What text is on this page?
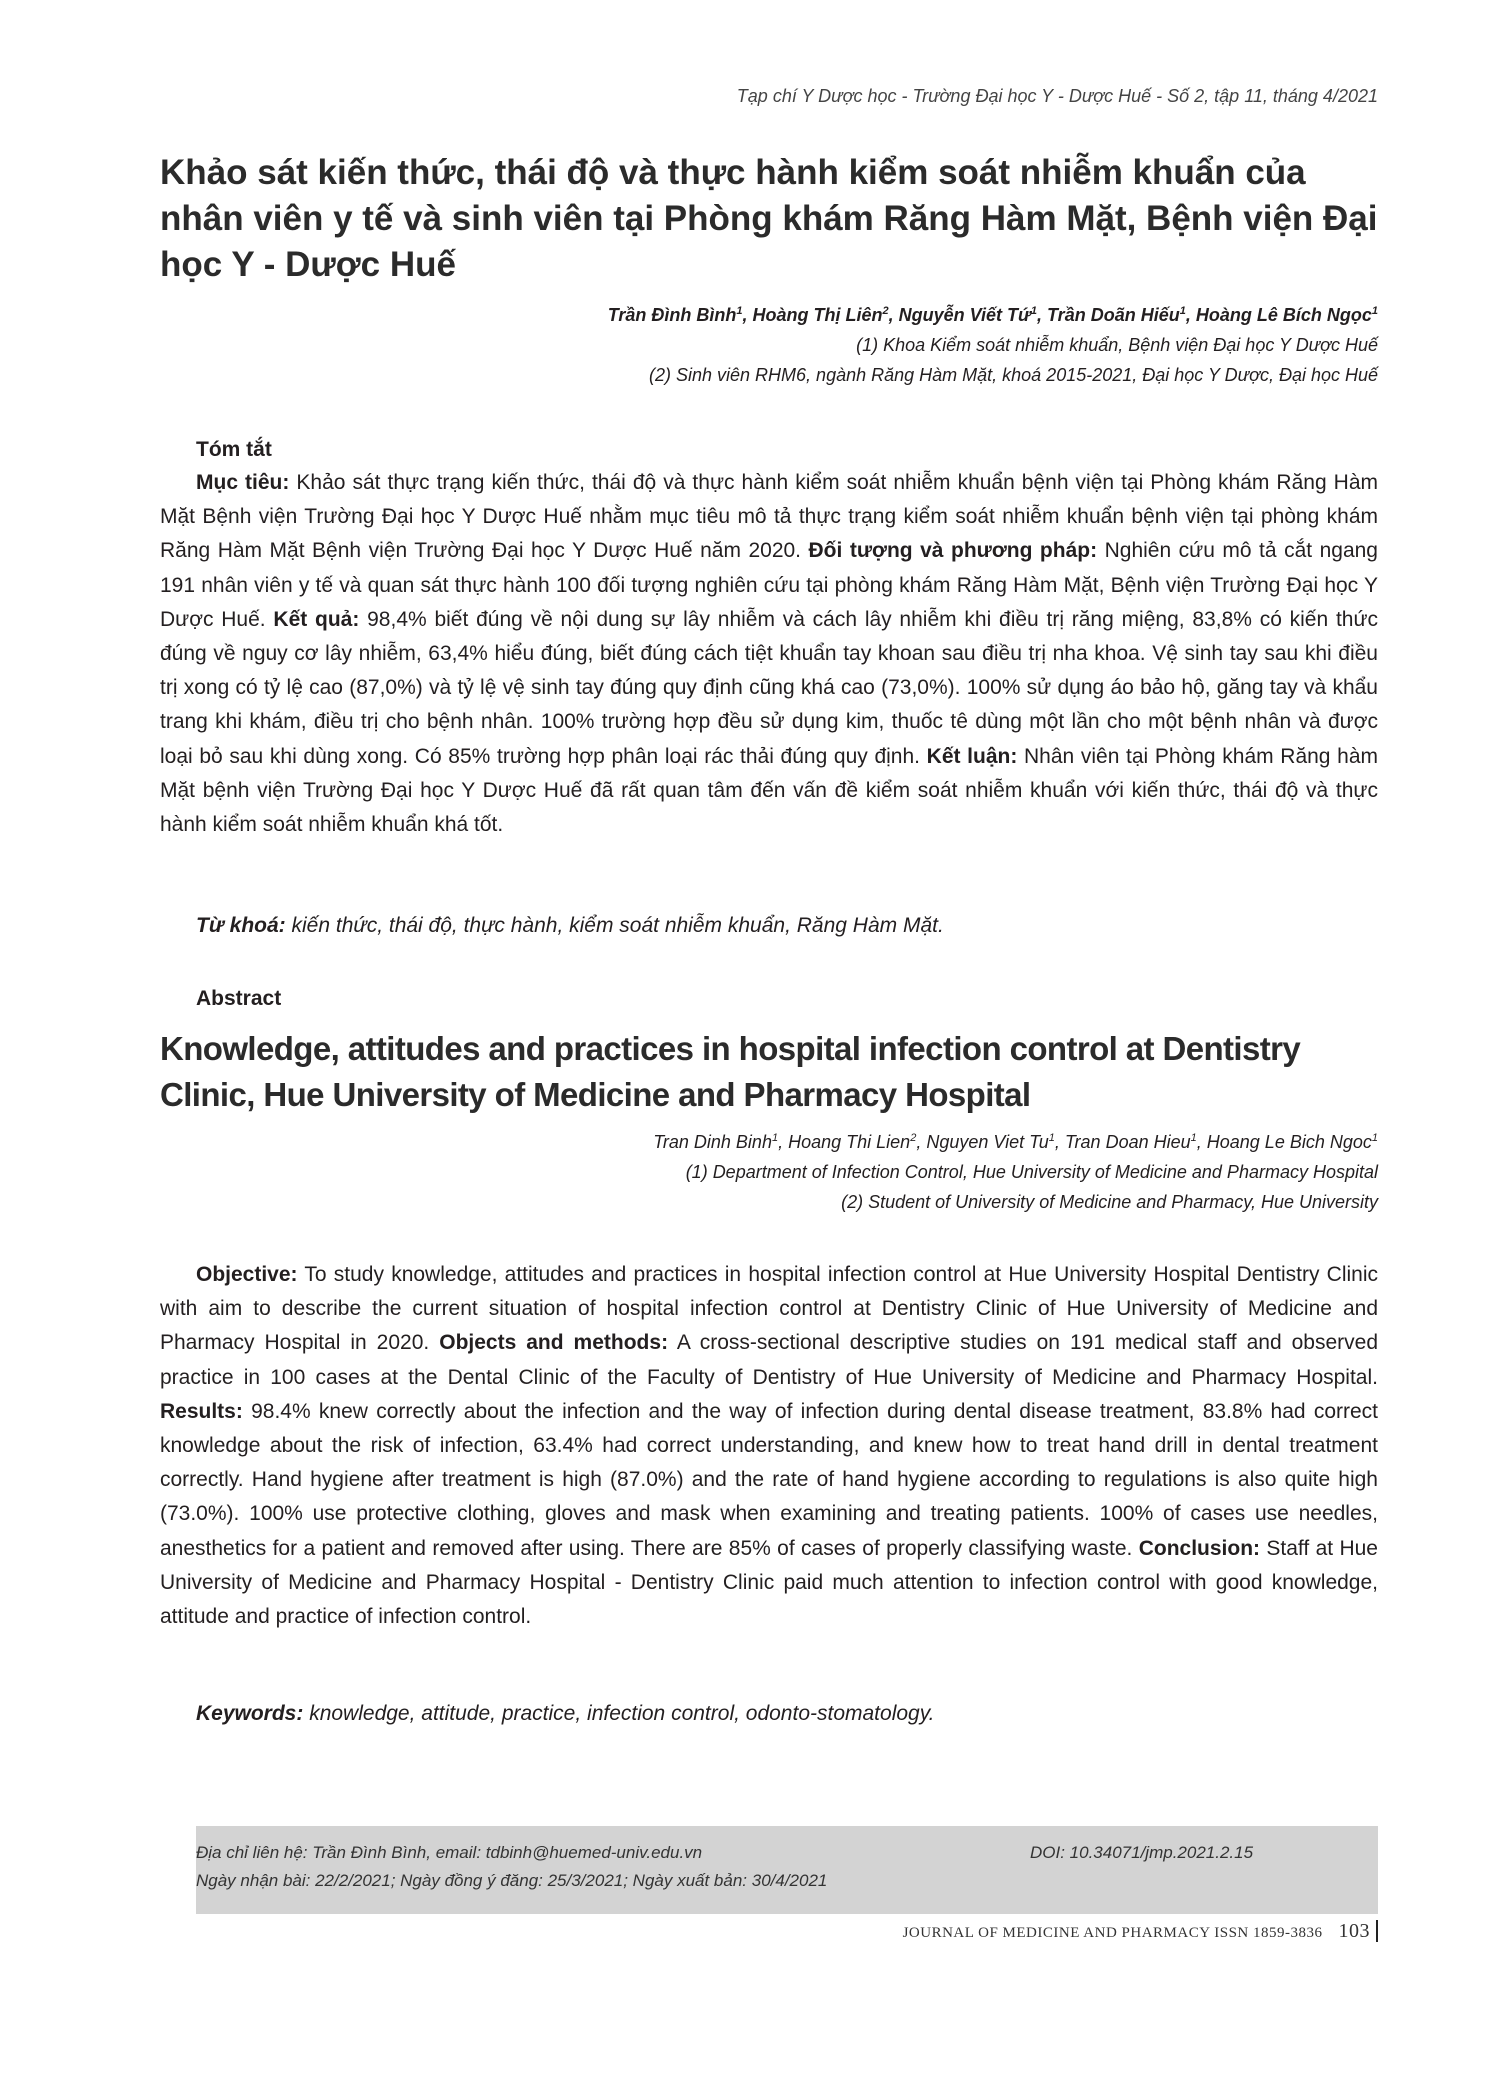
Tạp chí Y Dược học - Trường Đại học Y - Dược Huế - Số 2, tập 11, tháng 4/2021
Khảo sát kiến thức, thái độ và thực hành kiểm soát nhiễm khuẩn của nhân viên y tế và sinh viên tại Phòng khám Răng Hàm Mặt, Bệnh viện Đại học Y - Dược Huế
Trần Đình Bình$^1$, Hoàng Thị Liên$^2$, Nguyễn Viết Tứ$^1$, Trần Doãn Hiếu$^1$, Hoàng Lê Bích Ngọc$^1$
(1) Khoa Kiểm soát nhiễm khuẩn, Bệnh viện Đại học Y Dược Huế
(2) Sinh viên RHM6, ngành Răng Hàm Mặt, khoá 2015-2021, Đại học Y Dược, Đại học Huế
Tóm tắt

Mục tiêu: Khảo sát thực trạng kiến thức, thái độ và thực hành kiểm soát nhiễm khuẩn bệnh viện tại Phòng khám Răng Hàm Mặt Bệnh viện Trường Đại học Y Dược Huế nhằm mục tiêu mô tả thực trạng kiểm soát nhiễm khuẩn bệnh viện tại phòng khám Răng Hàm Mặt Bệnh viện Trường Đại học Y Dược Huế năm 2020. Đối tượng và phương pháp: Nghiên cứu mô tả cắt ngang 191 nhân viên y tế và quan sát thực hành 100 đối tượng nghiên cứu tại phòng khám Răng Hàm Mặt, Bệnh viện Trường Đại học Y Dược Huế. Kết quả: 98,4% biết đúng về nội dung sự lây nhiễm và cách lây nhiễm khi điều trị răng miệng, 83,8% có kiến thức đúng về nguy cơ lây nhiễm, 63,4% hiểu đúng, biết đúng cách tiệt khuẩn tay khoan sau điều trị nha khoa. Vệ sinh tay sau khi điều trị xong có tỷ lệ cao (87,0%) và tỷ lệ vệ sinh tay đúng quy định cũng khá cao (73,0%). 100% sử dụng áo bảo hộ, găng tay và khẩu trang khi khám, điều trị cho bệnh nhân. 100% trường hợp đều sử dụng kim, thuốc tê dùng một lần cho một bệnh nhân và được loại bỏ sau khi dùng xong. Có 85% trường hợp phân loại rác thải đúng quy định. Kết luận: Nhân viên tại Phòng khám Răng hàm Mặt bệnh viện Trường Đại học Y Dược Huế đã rất quan tâm đến vấn đề kiểm soát nhiễm khuẩn với kiến thức, thái độ và thực hành kiểm soát nhiễm khuẩn khá tốt.

Từ khoá: kiến thức, thái độ, thực hành, kiểm soát nhiễm khuẩn, Răng Hàm Mặt.
Abstract
Knowledge, attitudes and practices in hospital infection control at Dentistry Clinic, Hue University of Medicine and Pharmacy Hospital
Tran Dinh Binh$^1$, Hoang Thi Lien$^2$, Nguyen Viet Tu$^1$, Tran Doan Hieu$^1$, Hoang Le Bich Ngoc$^1$
(1) Department of Infection Control, Hue University of Medicine and Pharmacy Hospital
(2) Student of University of Medicine and Pharmacy, Hue University

Objective: To study knowledge, attitudes and practices in hospital infection control at Hue University Hospital Dentistry Clinic with aim to describe the current situation of hospital infection control at Dentistry Clinic of Hue University of Medicine and Pharmacy Hospital in 2020. Objects and methods: A cross-sectional descriptive studies on 191 medical staff and observed practice in 100 cases at the Dental Clinic of the Faculty of Dentistry of Hue University of Medicine and Pharmacy Hospital. Results: 98.4% knew correctly about the infection and the way of infection during dental disease treatment, 83.8% had correct knowledge about the risk of infection, 63.4% had correct understanding, and knew how to treat hand drill in dental treatment correctly. Hand hygiene after treatment is high (87.0%) and the rate of hand hygiene according to regulations is also quite high (73.0%). 100% use protective clothing, gloves and mask when examining and treating patients. 100% of cases use needles, anesthetics for a patient and removed after using. There are 85% of cases of properly classifying waste. Conclusion: Staff at Hue University of Medicine and Pharmacy Hospital - Dentistry Clinic paid much attention to infection control with good knowledge, attitude and practice of infection control.

Keywords: knowledge, attitude, practice, infection control, odonto-stomatology.
Địa chỉ liên hệ: Trần Đình Bình, email: tdbinh@huemed-univ.edu.vn	DOI: 10.34071/jmp.2021.2.15
Ngày nhận bài: 22/2/2021; Ngày đồng ý đăng: 25/3/2021; Ngày xuất bản: 30/4/2021
JOURNAL OF MEDICINE AND PHARMACY ISSN 1859-3836 103
